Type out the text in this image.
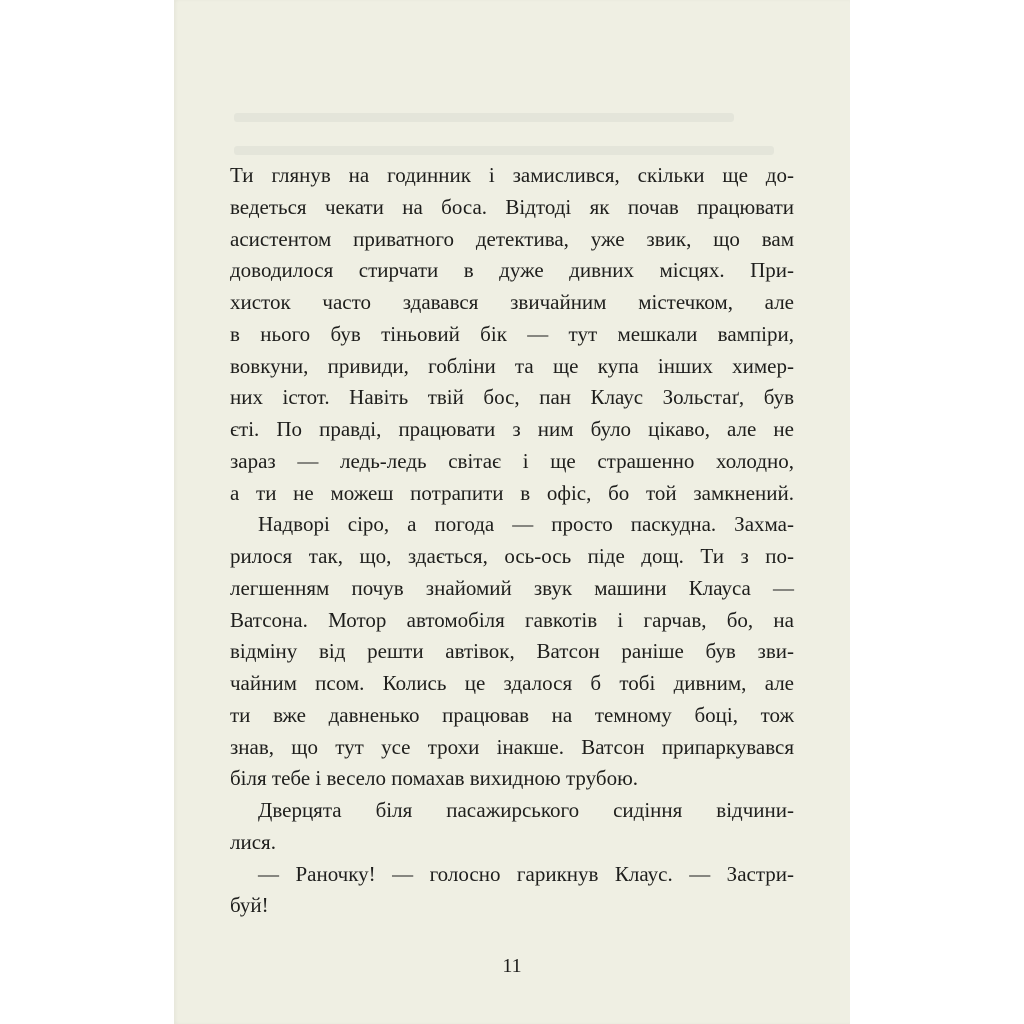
Ти глянув на годинник і замислився, скільки ще до-
ведеться чекати на боса. Відтоді як почав працювати
асистентом приватного детектива, уже звик, що вам
доводилося стирчати в дуже дивних місцях. При-
хисток часто здавався звичайним містечком, але
в нього був тіньовий бік — тут мешкали вампіри,
вовкуни, привиди, гобліни та ще купа інших химер-
них істот. Навіть твій бос, пан Клаус Зольстаґ, був
єті. По правді, працювати з ним було цікаво, але не
зараз — ледь-ледь світає і ще страшенно холодно,
а ти не можеш потрапити в офіс, бо той замкнений.
Надворі сіро, а погода — просто паскудна. Захма-
рилося так, що, здається, ось-ось піде дощ. Ти з по-
легшенням почув знайомий звук машини Клауса —
Ватсона. Мотор автомобіля гавкотів і гарчав, бо, на
відміну від решти автівок, Ватсон раніше був зви-
чайним псом. Колись це здалося б тобі дивним, але
ти вже давненько працював на темному боці, тож
знав, що тут усе трохи інакше. Ватсон припаркувався
біля тебе і весело помахав вихидною трубою.
Дверцята біля пасажирського сидіння відчини-
лися.
— Раночку! — голосно гарикнув Клаус. — Застри-
буй!
11
